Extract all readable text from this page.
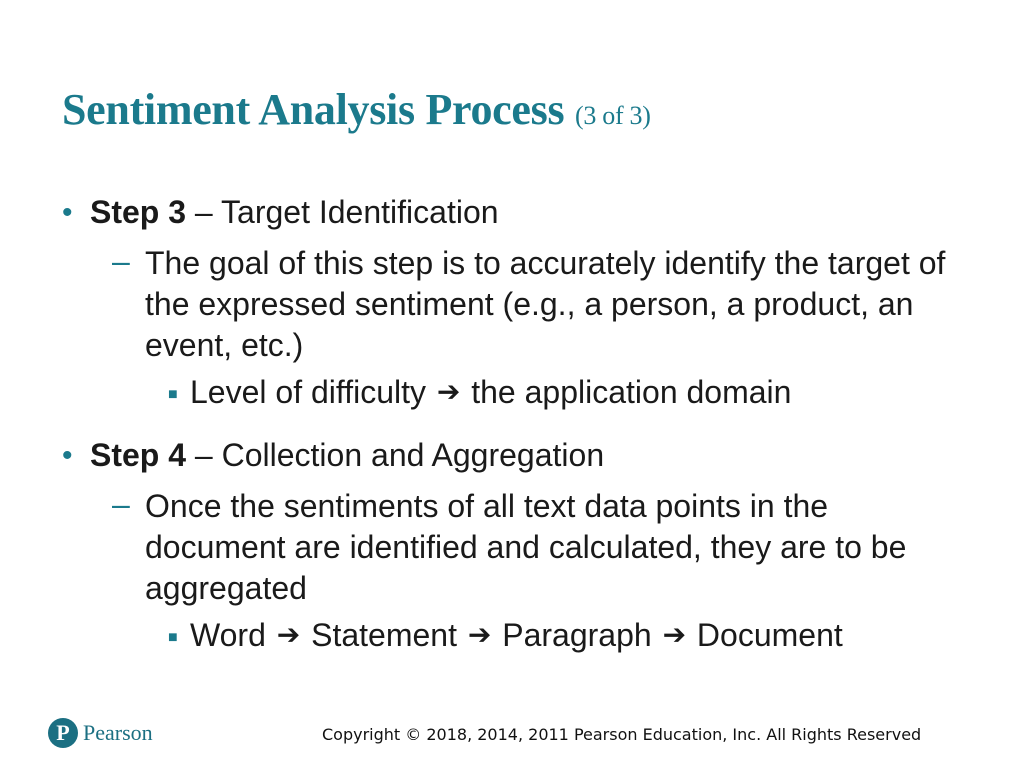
Sentiment Analysis Process (3 of 3)
• Step 3 – Target Identification
– The goal of this step is to accurately identify the target of the expressed sentiment (e.g., a person, a product, an event, etc.)
■ Level of difficulty ➔ the application domain
• Step 4 – Collection and Aggregation
– Once the sentiments of all text data points in the document are identified and calculated, they are to be aggregated
■ Word ➔ Statement ➔ Paragraph ➔ Document
P Pearson	Copyright © 2018, 2014, 2011 Pearson Education, Inc. All Rights Reserved
